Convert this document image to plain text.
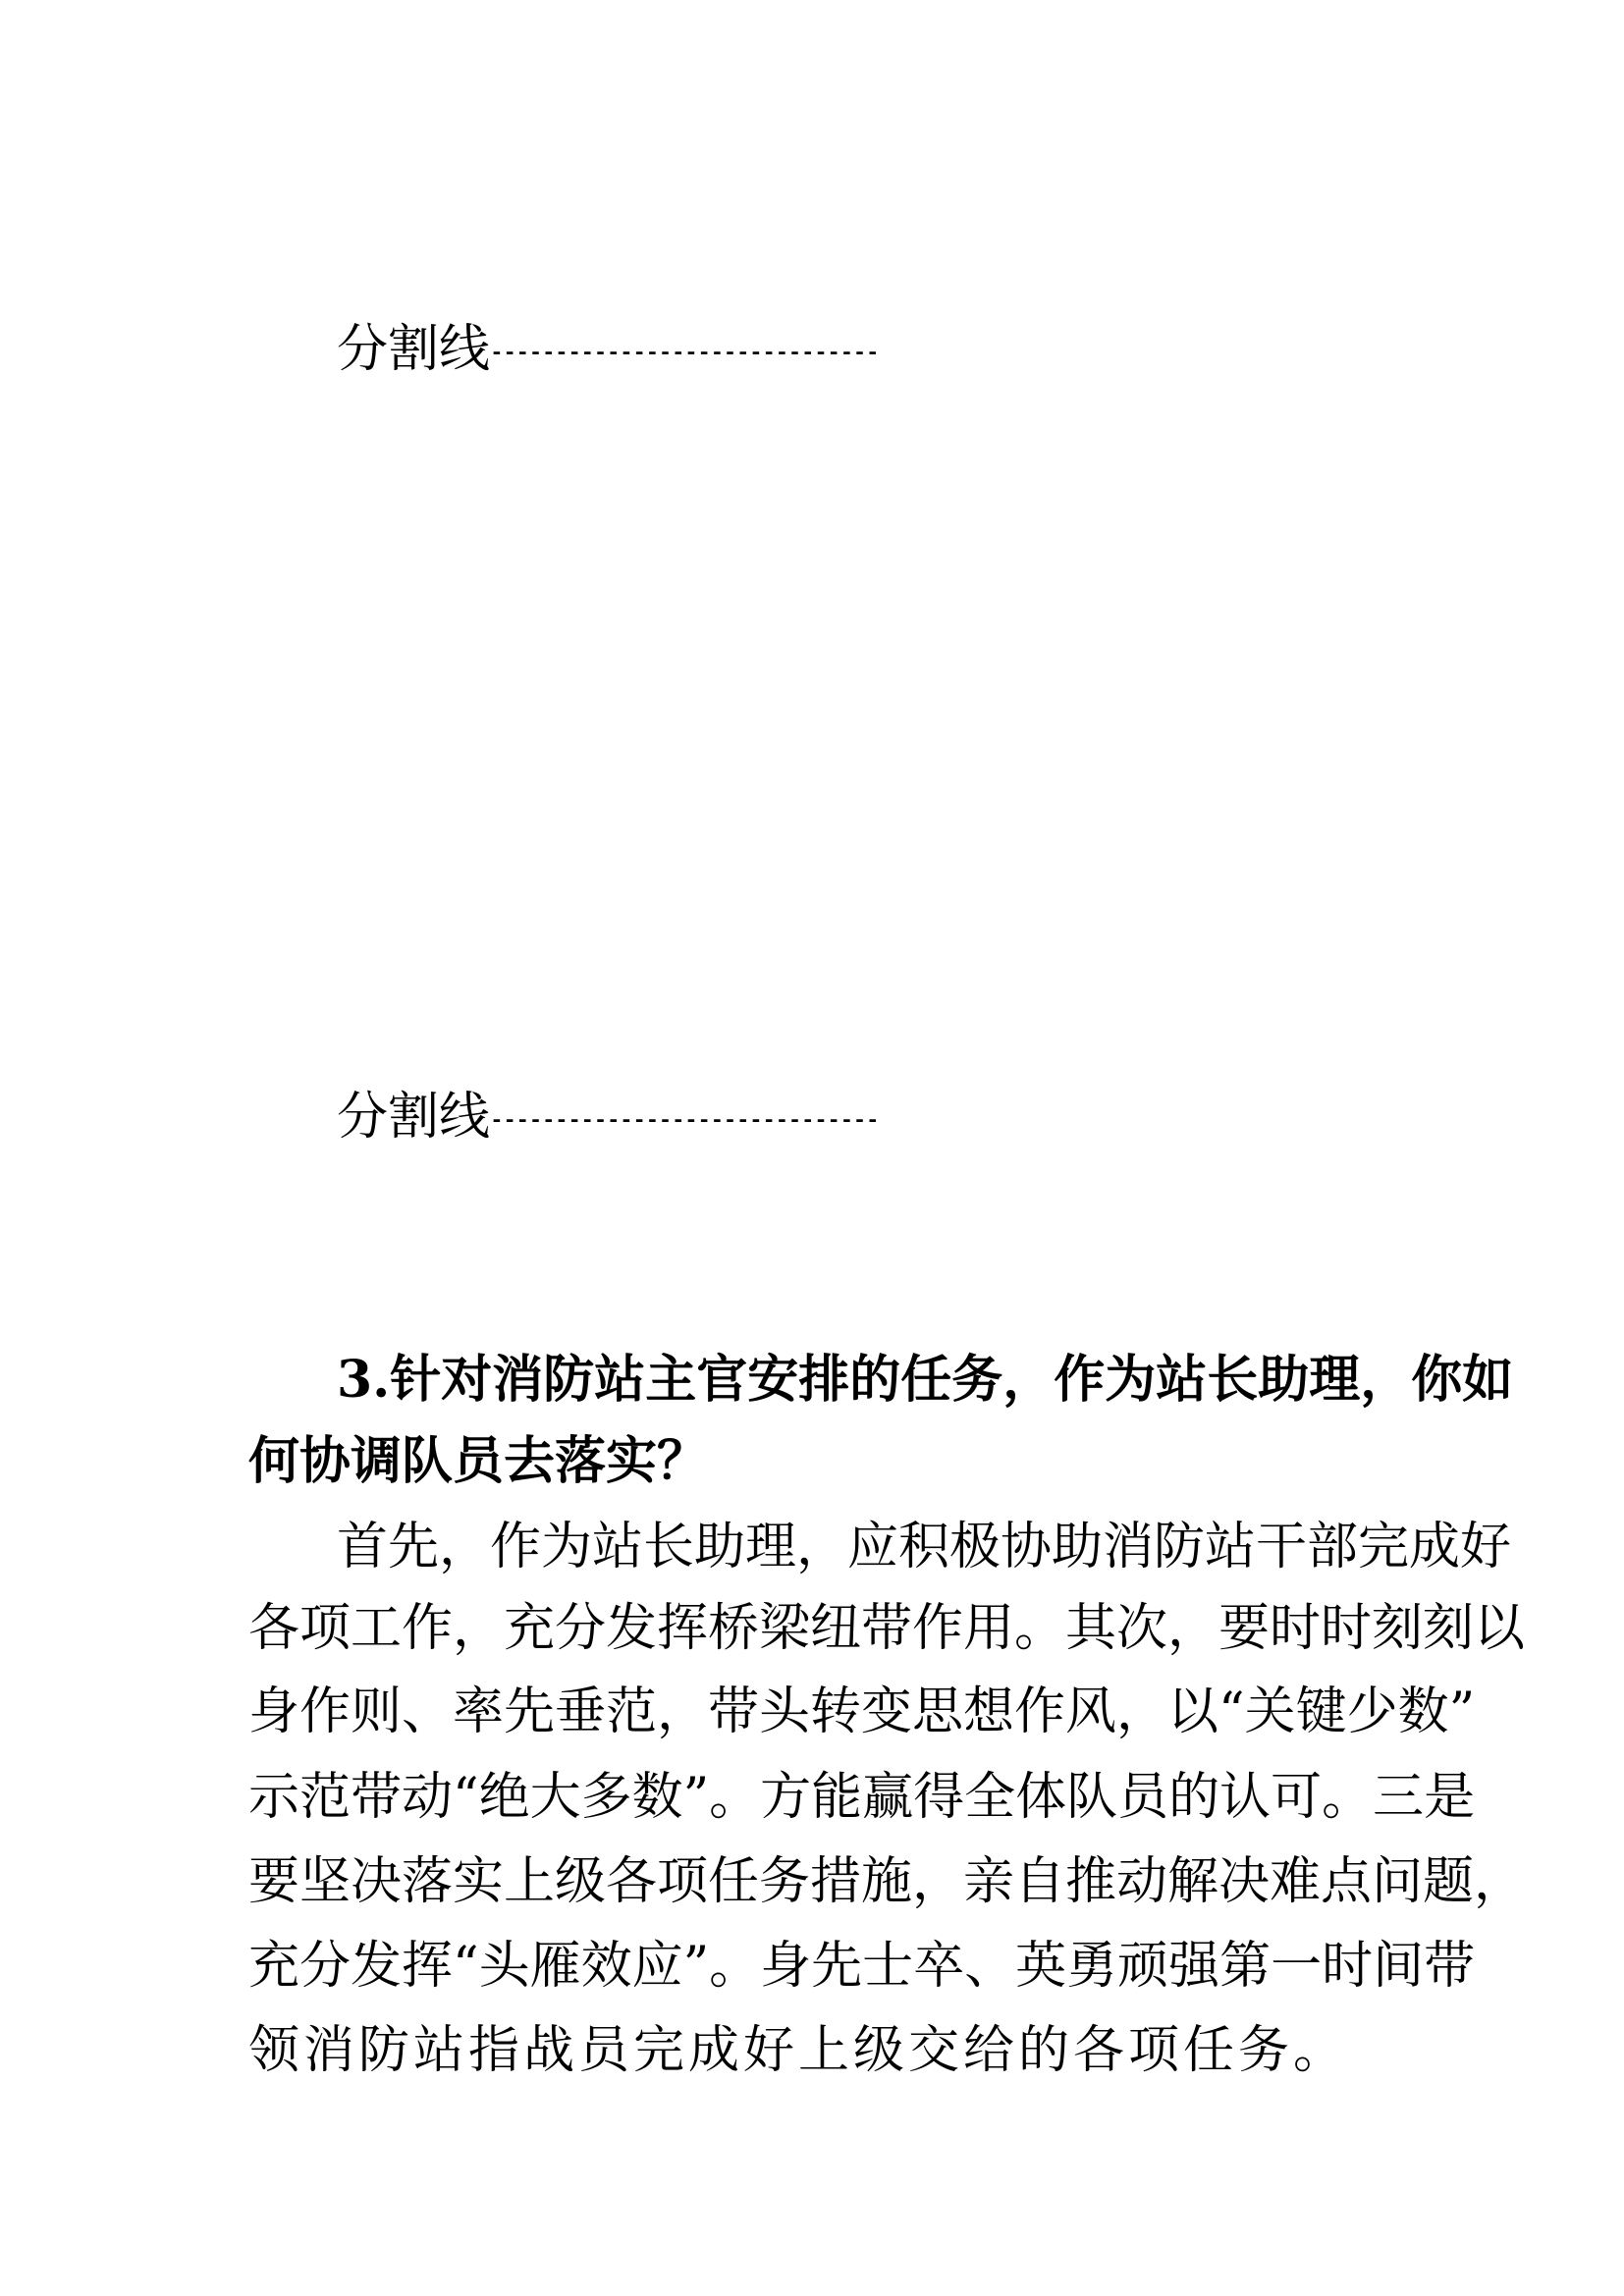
分割线------------------------------
分割线------------------------------
3.针对消防站主官安排的任务，作为站长助理，你如
何协调队员去落实？
首先，作为站长助理，应积极协助消防站干部完成好
各项工作，充分发挥桥梁纽带作用。其次，要时时刻刻以
身作则、率先垂范，带头转变思想作风，以“关键少数”
示范带动“绝大多数”。方能赢得全体队员的认可。三是
要坚决落实上级各项任务措施，亲自推动解决难点问题，
充分发挥“头雁效应”。身先士卒、英勇顽强第一时间带
领消防站指战员完成好上级交给的各项任务。
